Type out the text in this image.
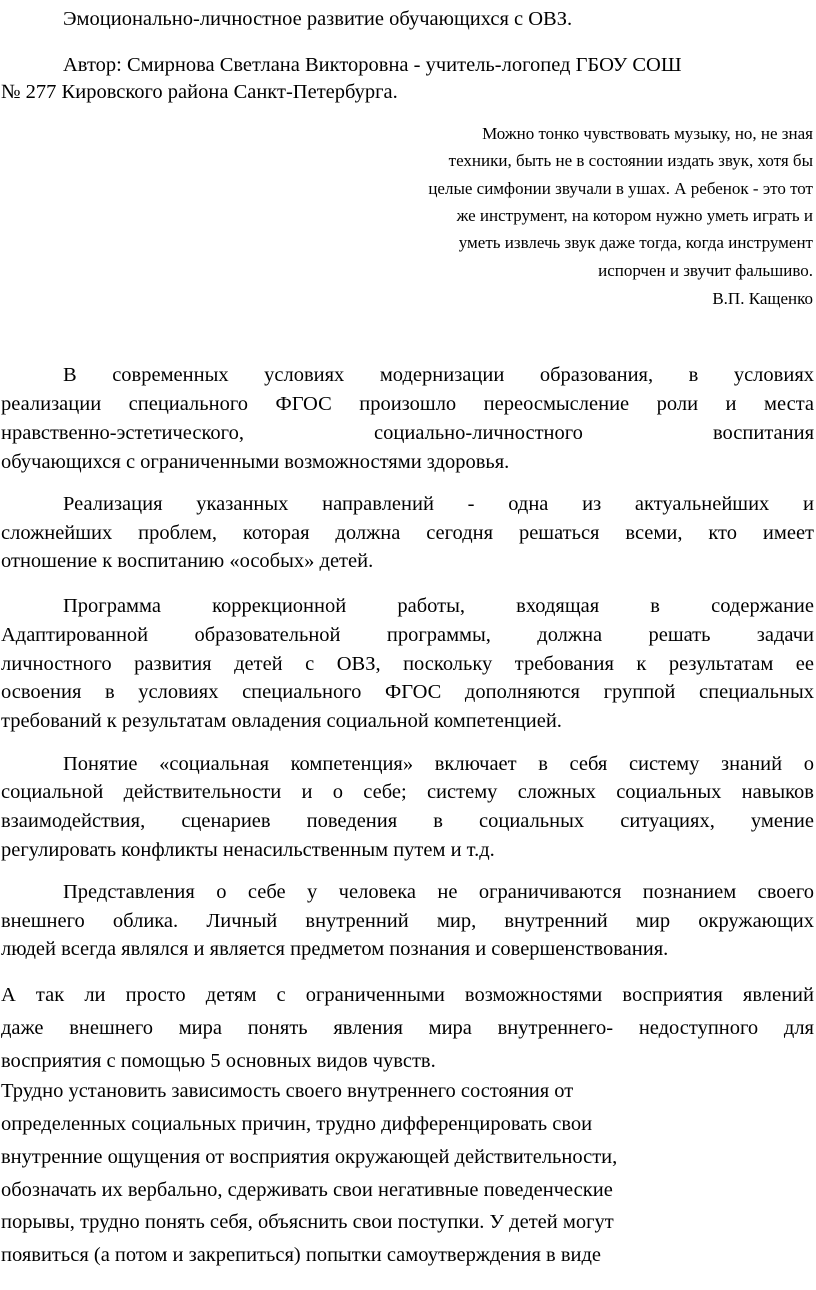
Эмоционально-личностное развитие обучающихся с ОВЗ.
Автор: Смирнова Светлана Викторовна - учитель-логопед ГБОУ СОШ
№ 277 Кировского района Санкт-Петербурга.
Можно тонко чувствовать музыку, но, не зная
техники, быть не в состоянии издать звук, хотя бы
целые симфонии звучали в ушах. А ребенок - это тот
же инструмент, на котором нужно уметь играть и
уметь извлечь звук даже тогда, когда инструмент
испорчен и звучит фальшиво.
В.П. Кащенко
В современных условиях модернизации образования, в условиях
реализации специального ФГОС произошло переосмысление роли и места
нравственно-эстетического, социально-личностного воспитания
обучающихся с ограниченными возможностями здоровья.
Реализация указанных направлений - одна из актуальнейших и
сложнейших проблем, которая должна сегодня решаться всеми, кто имеет
отношение к воспитанию «особых» детей.
Программа коррекционной работы, входящая в содержание
Адаптированной образовательной программы, должна решать задачи
личностного развития детей с ОВЗ, поскольку требования к результатам ее
освоения в условиях специального ФГОС дополняются группой специальных
требований к результатам овладения социальной компетенцией.
Понятие «социальная компетенция» включает в себя систему знаний о
социальной действительности и о себе; систему сложных социальных навыков
взаимодействия, сценариев поведения в социальных ситуациях, умение
регулировать конфликты ненасильственным путем и т.д.
Представления о себе у человека не ограничиваются познанием своего
внешнего облика. Личный внутренний мир, внутренний мир окружающих
людей всегда являлся и является предметом познания и совершенствования.
А так ли просто детям с ограниченными возможностями восприятия явлений
даже внешнего мира понять явления мира внутреннего- недоступного для
восприятия с помощью 5 основных видов чувств.
Трудно установить зависимость своего внутреннего состояния от
определенных социальных причин, трудно дифференцировать свои
внутренние ощущения от восприятия окружающей действительности,
обозначать их вербально, сдерживать свои негативные поведенческие
порывы, трудно понять себя, объяснить свои поступки. У детей могут
появиться (а потом и закрепиться) попытки самоутверждения в виде
